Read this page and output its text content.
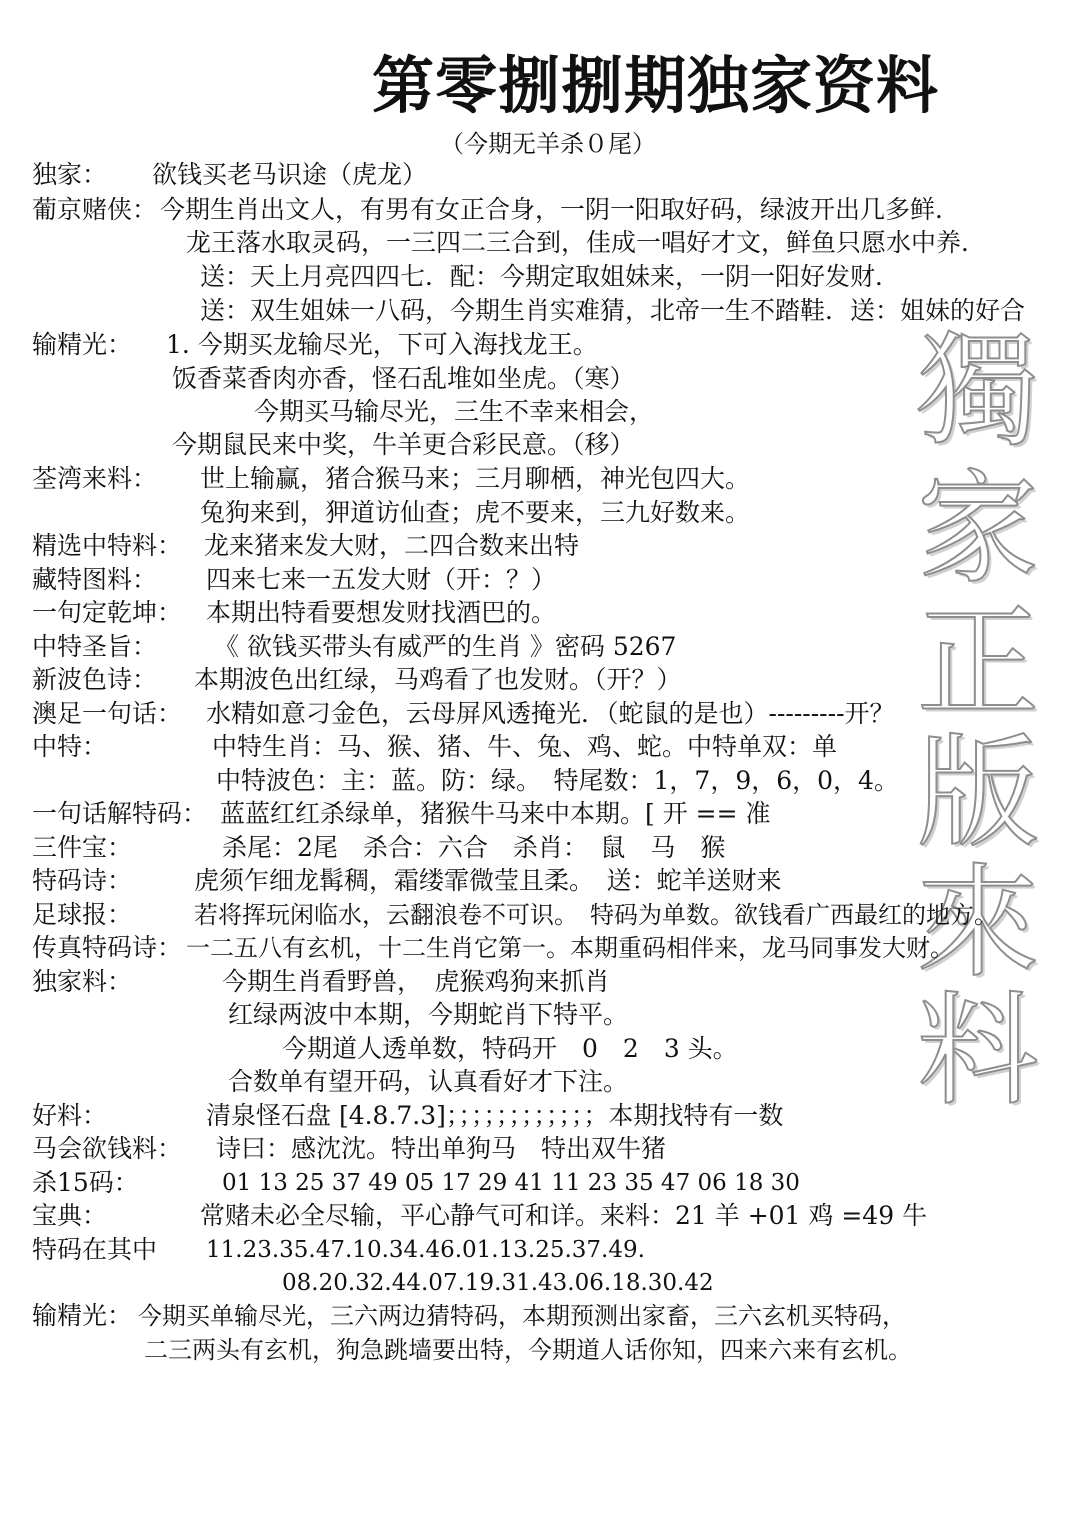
第零捌捌期独家资料
（今期无羊杀０尾）
獨
家
正
版
來
料
独家： 欲钱买老马识途（虎龙）
葡京赌侠： 今期生肖出文人，有男有女正合身，一阴一阳取好码，绿波开出几多鲜．
龙王落水取灵码，一三四二三合到，佳成一唱好才文，鲜鱼只愿水中养．
送：天上月亮四四七．配：今期定取姐妹来，一阴一阳好发财．
送：双生姐妹一八码，今期生肖实难猜，北帝一生不踏鞋．送：姐妹的好合
输精光： 1. 今期买龙输尽光，下可入海找龙王。
饭香菜香肉亦香，怪石乱堆如坐虎。（寒）
今期买马输尽光，三生不幸来相会，
今期鼠民来中奖，牛羊更合彩民意。（移）
荃湾来料： 世上输赢，猪合猴马来；三月聊栖，神光包四大。
兔狗来到，狎道访仙查；虎不要来，三九好数来。
精选中特料： 龙来猪来发大财，二四合数来出特
藏特图料： 四来七来一五发大财（开：？）
一句定乾坤： 本期出特看要想发财找酒巴的。
中特圣旨： 《 欲钱买带头有威严的生肖 》密码 5267
新波色诗： 本期波色出红绿，马鸡看了也发财。（开？）
澳足一句话： 水精如意刁金色，云母屏风透掩光．（蛇鼠的是也）---------开？
中特：	中特生肖：马、猴、猪、牛、兔、鸡、蛇。中特单双：单
中特波色：主：蓝。防：绿。　特尾数：1，7，9，6，0，4。
一句话解特码： 蓝蓝红红杀绿单，猪猴牛马来中本期。[ 开 == 准
三件宝：	杀尾：2尾　杀合：六合　杀肖：　鼠　马　猴
特码诗： 虎须乍细龙髯稠，霜缕霏微莹且柔。　送：蛇羊送财来
足球报：	若将挥玩闲临水，云翻浪卷不可识。　特码为单数。欲钱看广西最红的地方。
传真特码诗： 一二五八有玄机，十二生肖它第一。本期重码相伴来，龙马同事发大财。
独家料：	今期生肖看野兽，　虎猴鸡狗来抓肖
红绿两波中本期，今期蛇肖下特平。
今期道人透单数，特码开　0　2　3 头。
合数单有望开码，认真看好才下注。
好料：	清泉怪石盘 [4.8.7.3]；；；；；；；；；；；；本期找特有一数
马会欲钱料： 诗曰：感沈沈。特出单狗马　特出双牛猪
杀15码：	01 13 25 37 49 05 17 29 41 11 23 35 47 06 18 30
宝典：	常赌未必全尽输，平心静气可和详。来料：21 羊 +01 鸡 =49 牛
特码在其中 11.23.35.47.10.34.46.01.13.25.37.49.
08.20.32.44.07.19.31.43.06.18.30.42
输精光： 今期买单输尽光，三六两边猜特码，本期预测出家畜，三六玄机买特码，
二三两头有玄机，狗急跳墙要出特，今期道人话你知，四来六来有玄机。
